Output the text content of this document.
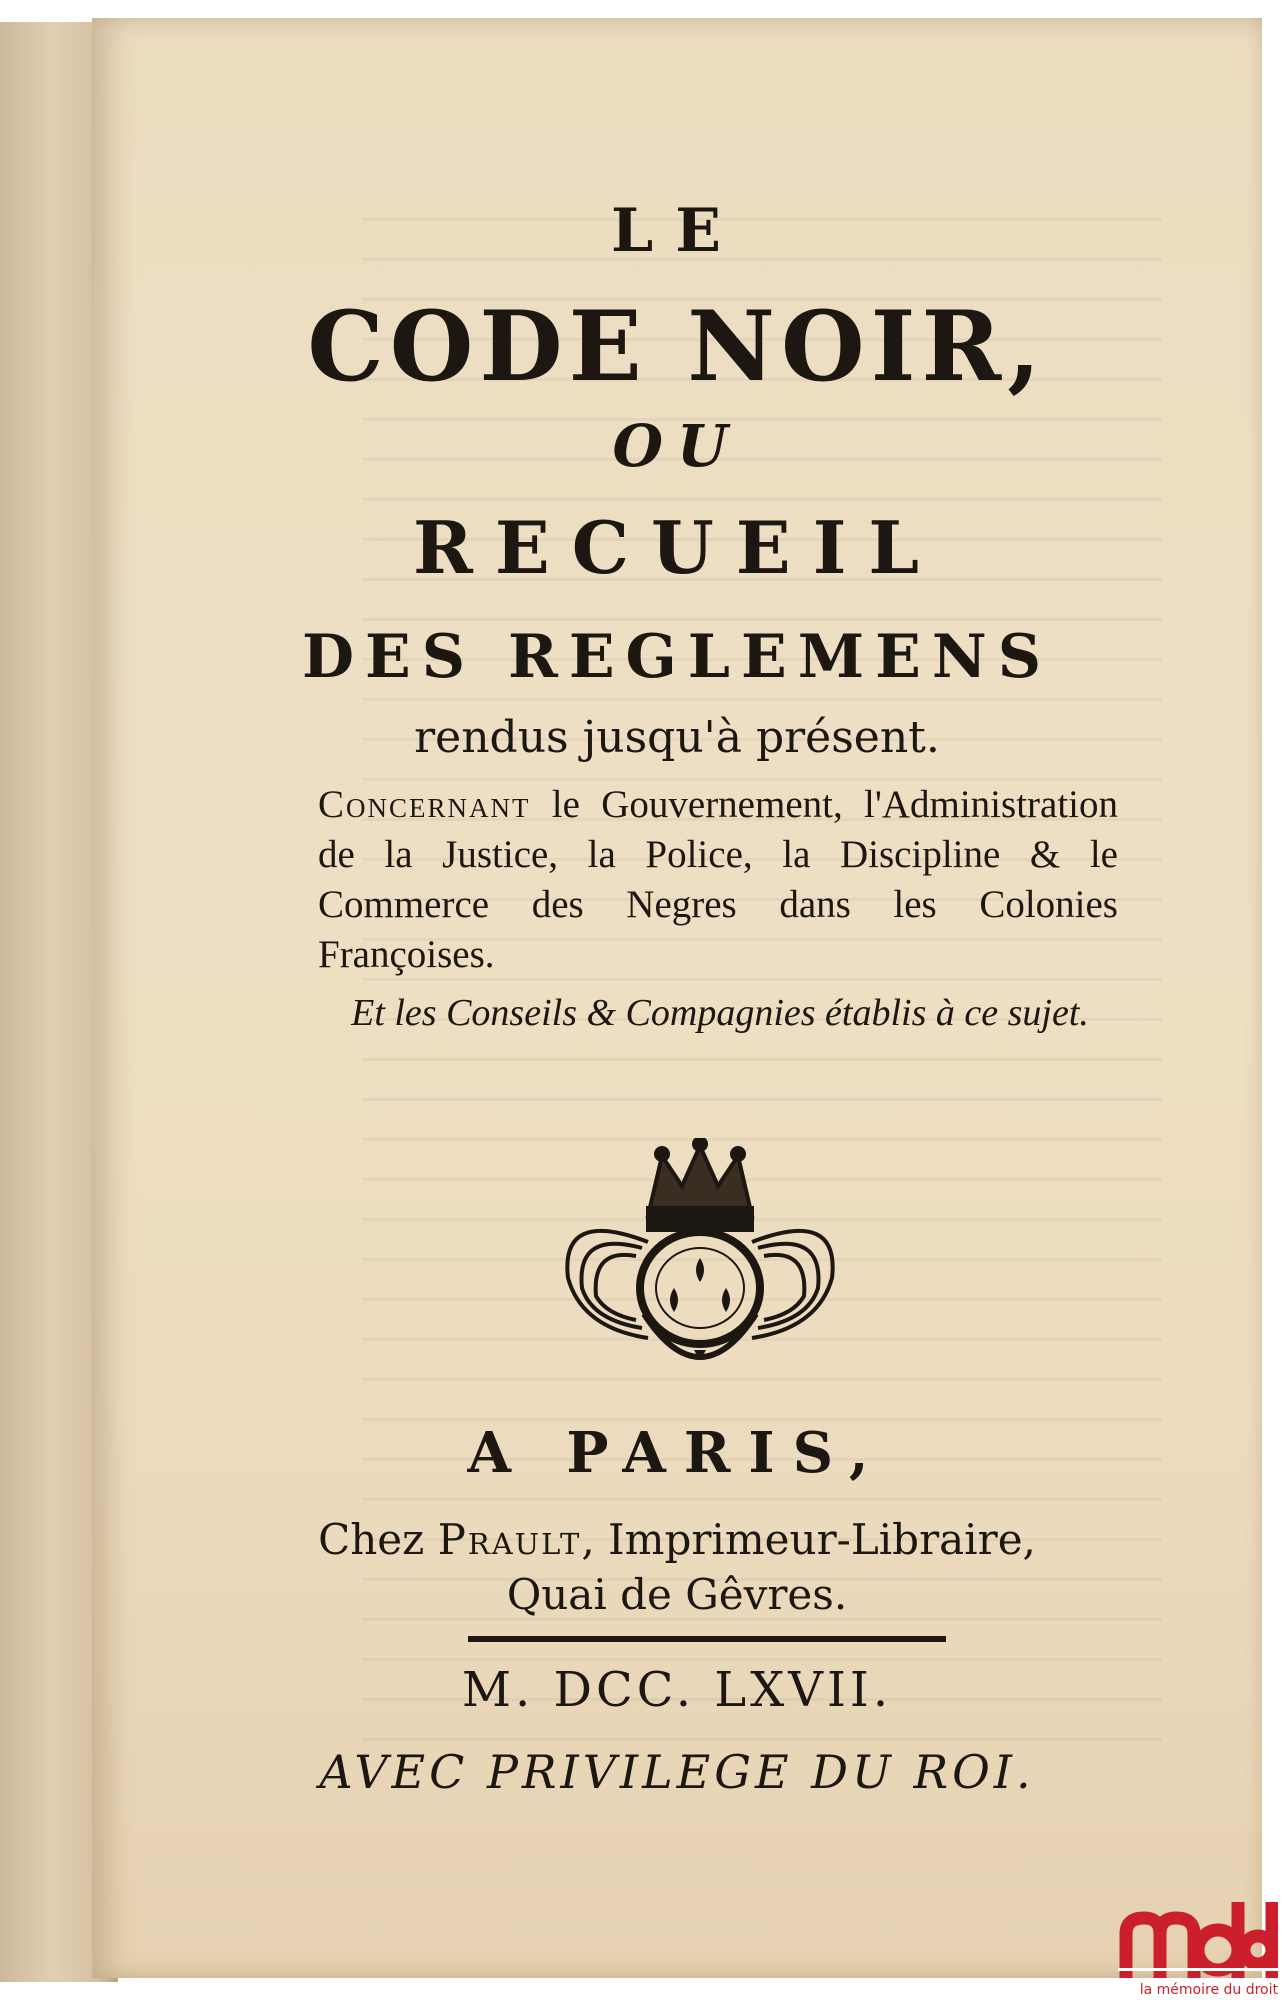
LE

CODE NOIR,

OU

RECUEIL

DES REGLEMENS

rendus jusqu'à présent.

Concernant le Gouvernement, l'Administration de la Justice, la Police, la Discipline & le Commerce des Negres dans les Colonies Françoises.

Et les Conseils & Compagnies établis à ce sujet.

A PARIS,

Chez Prault, Imprimeur-Libraire,

Quai de Gêvres.

M. DCC. LXVII.

AVEC PRIVILEGE DU ROI.

la mémoire du droit
